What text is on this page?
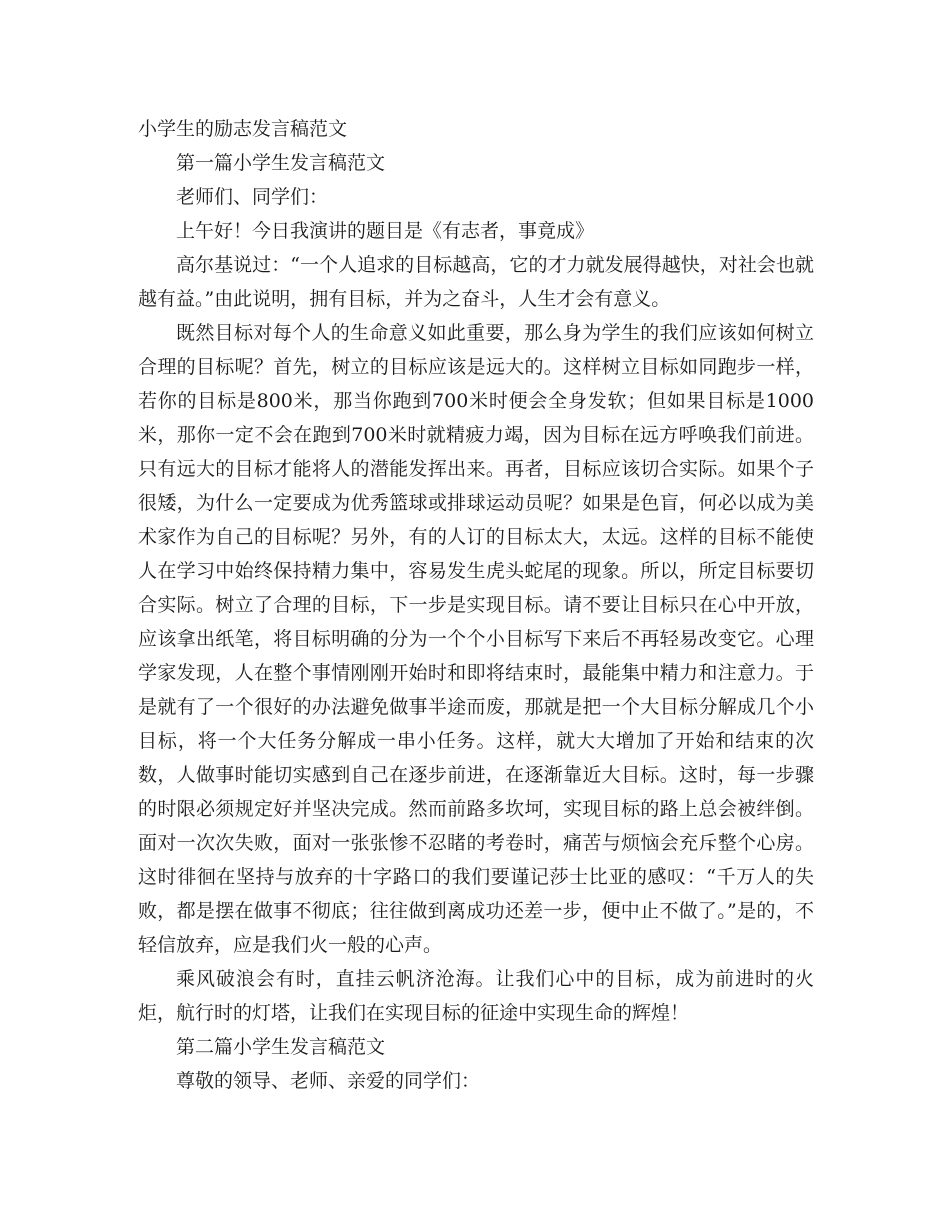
小学生的励志发言稿范文

第一篇小学生发言稿范文

老师们、同学们：

上午好！今日我演讲的题目是《有志者，事竟成》

高尔基说过：“一个人追求的目标越高，它的才力就发展得越快，对社会也就越有益。”由此说明，拥有目标，并为之奋斗，人生才会有意义。

既然目标对每个人的生命意义如此重要，那么身为学生的我们应该如何树立合理的目标呢？首先，树立的目标应该是远大的。这样树立目标如同跑步一样，若你的目标是800米，那当你跑到700米时便会全身发软；但如果目标是1000米，那你一定不会在跑到700米时就精疲力竭，因为目标在远方呼唤我们前进。只有远大的目标才能将人的潜能发挥出来。再者，目标应该切合实际。如果个子很矮，为什么一定要成为优秀篮球或排球运动员呢？如果是色盲，何必以成为美术家作为自己的目标呢？另外，有的人订的目标太大，太远。这样的目标不能使人在学习中始终保持精力集中，容易发生虎头蛇尾的现象。所以，所定目标要切合实际。树立了合理的目标，下一步是实现目标。请不要让目标只在心中开放，应该拿出纸笔，将目标明确的分为一个个小目标写下来后不再轻易改变它。心理学家发现，人在整个事情刚刚开始时和即将结束时，最能集中精力和注意力。于是就有了一个很好的办法避免做事半途而废，那就是把一个大目标分解成几个小目标，将一个大任务分解成一串小任务。这样，就大大增加了开始和结束的次数，人做事时能切实感到自己在逐步前进，在逐渐靠近大目标。这时，每一步骤的时限必须规定好并坚决完成。然而前路多坎坷，实现目标的路上总会被绊倒。面对一次次失败，面对一张张惨不忍睹的考卷时，痛苦与烦恼会充斥整个心房。这时徘徊在坚持与放弃的十字路口的我们要谨记莎士比亚的感叹：“千万人的失败，都是摆在做事不彻底；往往做到离成功还差一步，便中止不做了。”是的，不轻信放弃，应是我们火一般的心声。

乘风破浪会有时，直挂云帆济沧海。让我们心中的目标，成为前进时的火炬，航行时的灯塔，让我们在实现目标的征途中实现生命的辉煌！

第二篇小学生发言稿范文

尊敬的领导、老师、亲爱的同学们：
